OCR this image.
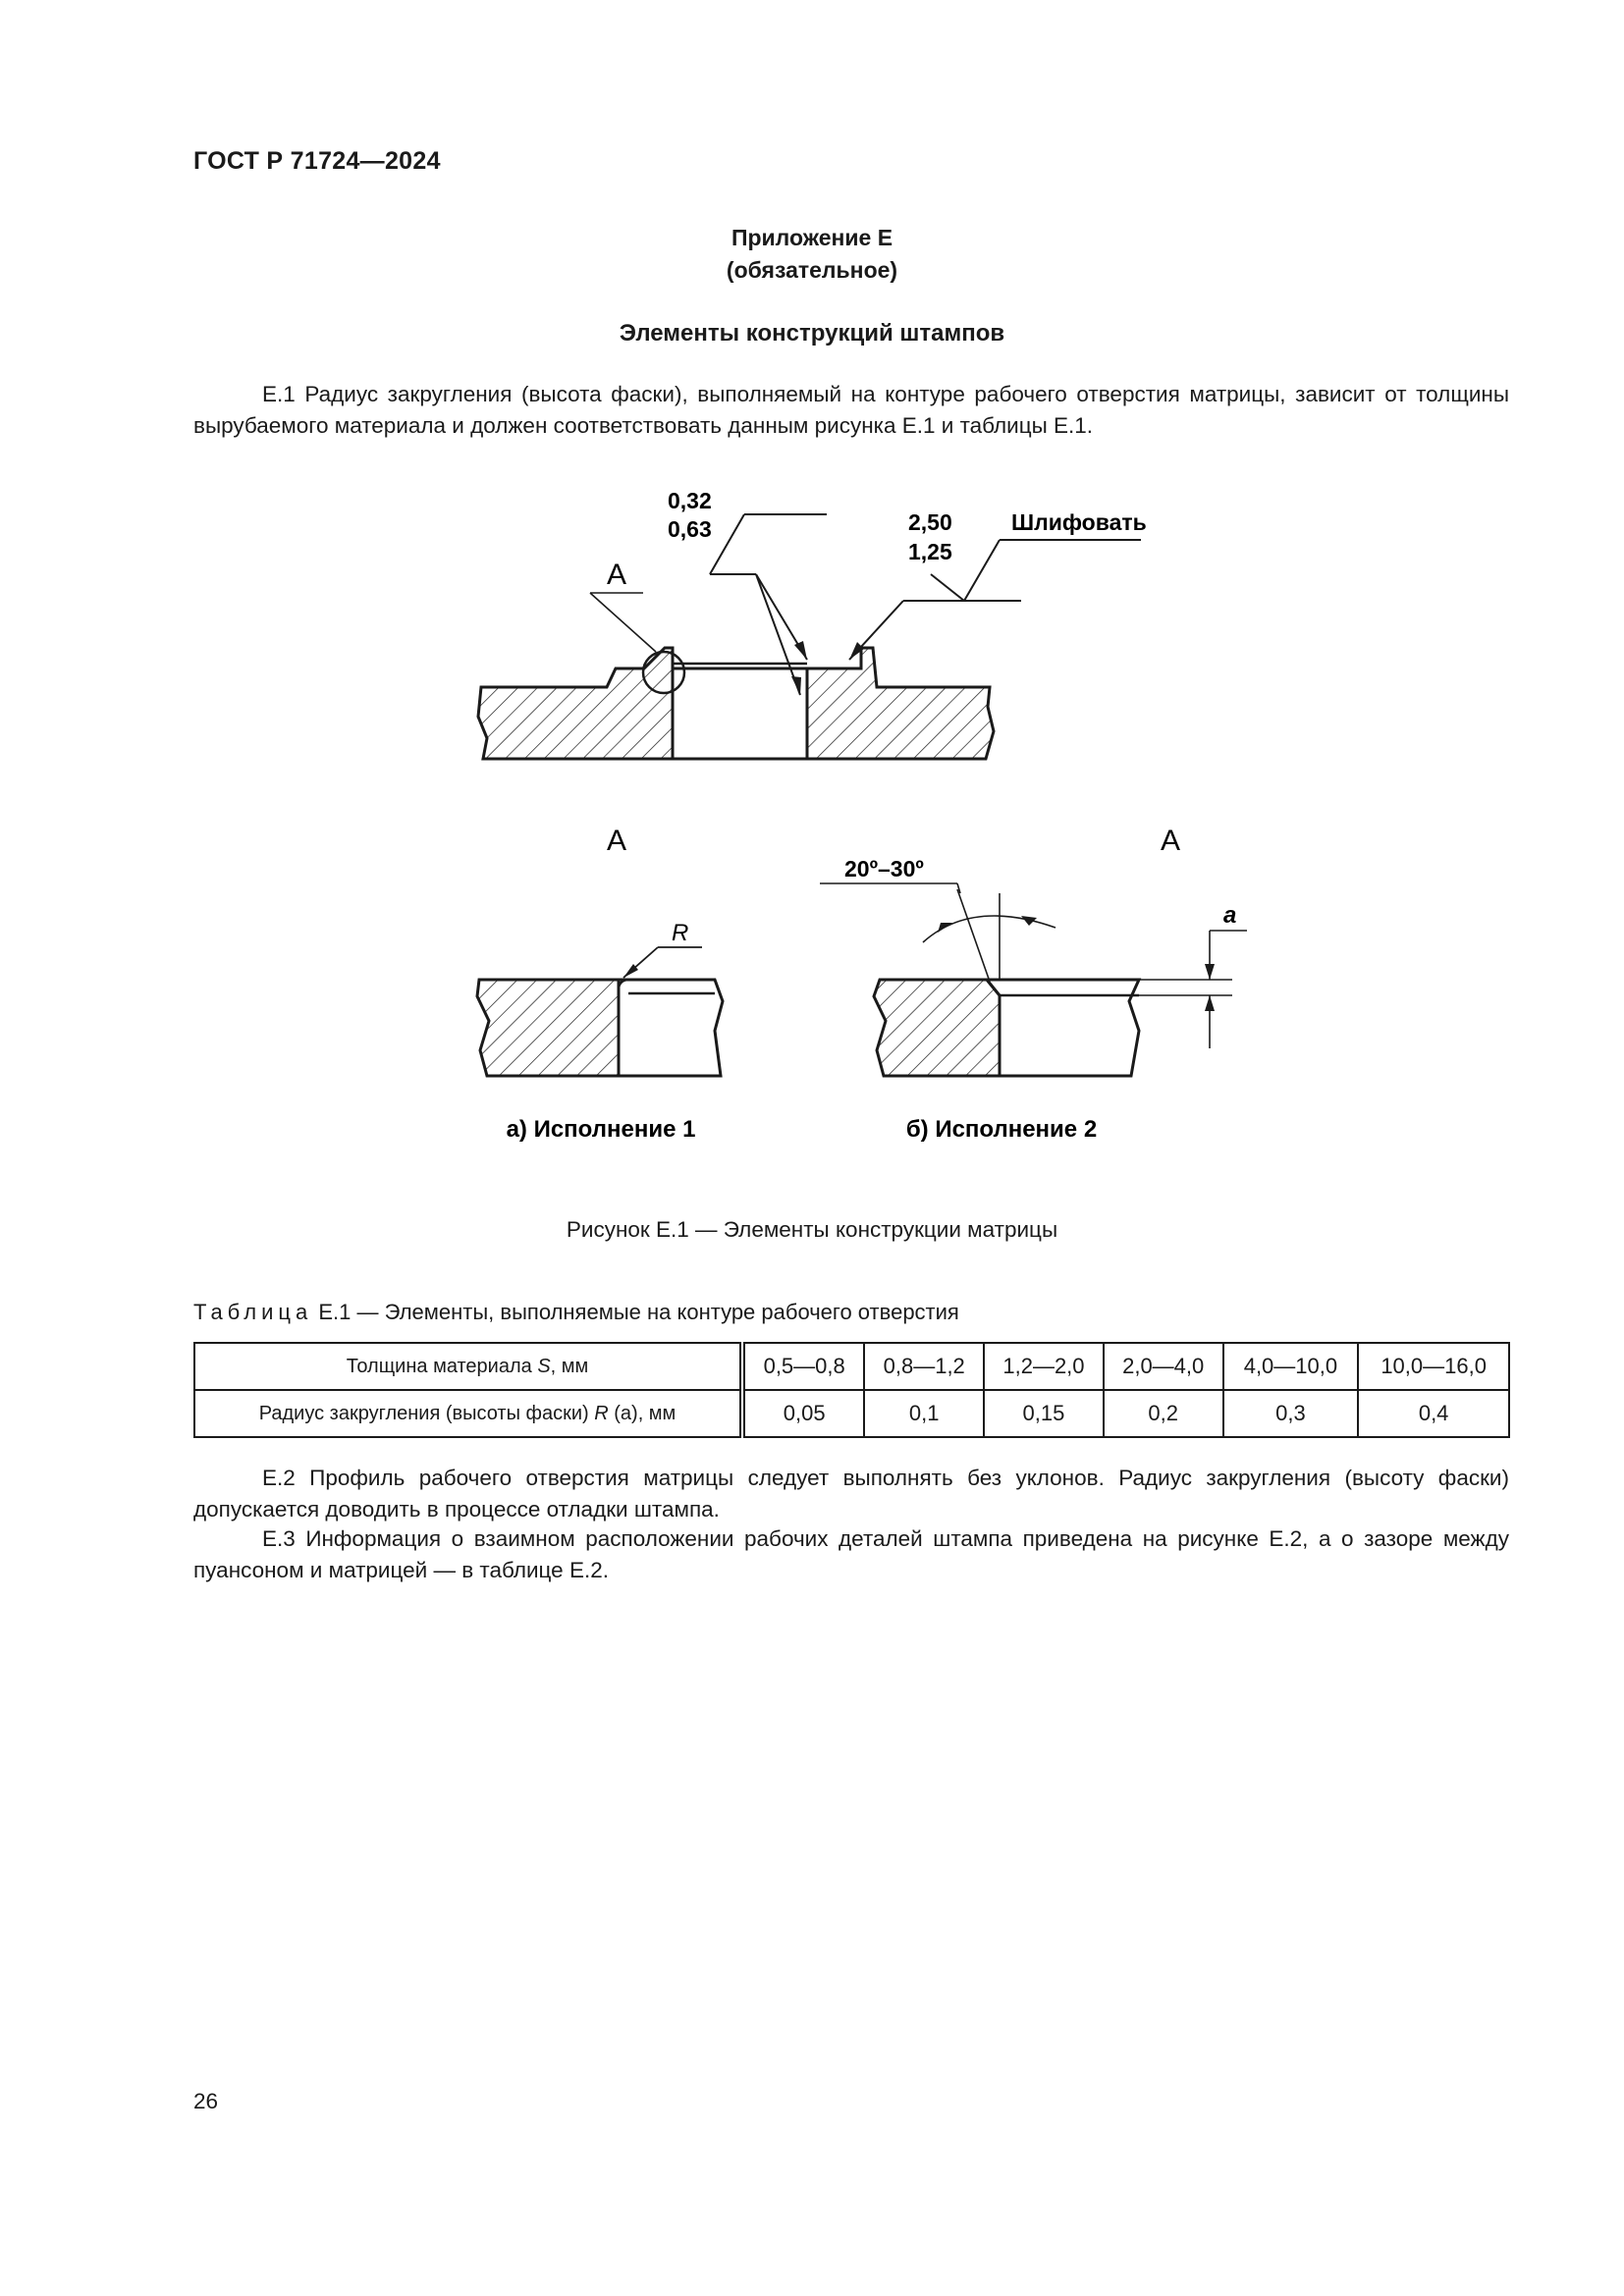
ГОСТ Р 71724—2024
Приложение Е
(обязательное)
Элементы конструкций штампов
Е.1 Радиус закругления (высота фаски), выполняемый на контуре рабочего отверстия матрицы, зависит от толщины вырубаемого материала и должен соответствовать данным рисунка Е.1 и таблицы Е.1.
А
0,32
0,63	2,50
1,25
Шлифовать
А
R
а) Исполнение 1
А
a
20º–30º
б) Исполнение 2
Рисунок Е.1 — Элементы конструкции матрицы
Таблица Е.1 — Элементы, выполняемые на контуре рабочего отверстия
Толщина материала S, мм	0,5—0,8	0,8—1,2	1,2—2,0	2,0—4,0	4,0—10,0	10,0—16,0
Радиус закругления (высоты фаски) R (а), мм	0,05	0,1	0,15	0,2	0,3	0,4
Е.2 Профиль рабочего отверстия матрицы следует выполнять без уклонов. Радиус закругления (высоту фаски) допускается доводить в процессе отладки штампа.
Е.3 Информация о взаимном расположении рабочих деталей штампа приведена на рисунке Е.2, а о зазоре между пуансоном и матрицей — в таблице Е.2.
26
